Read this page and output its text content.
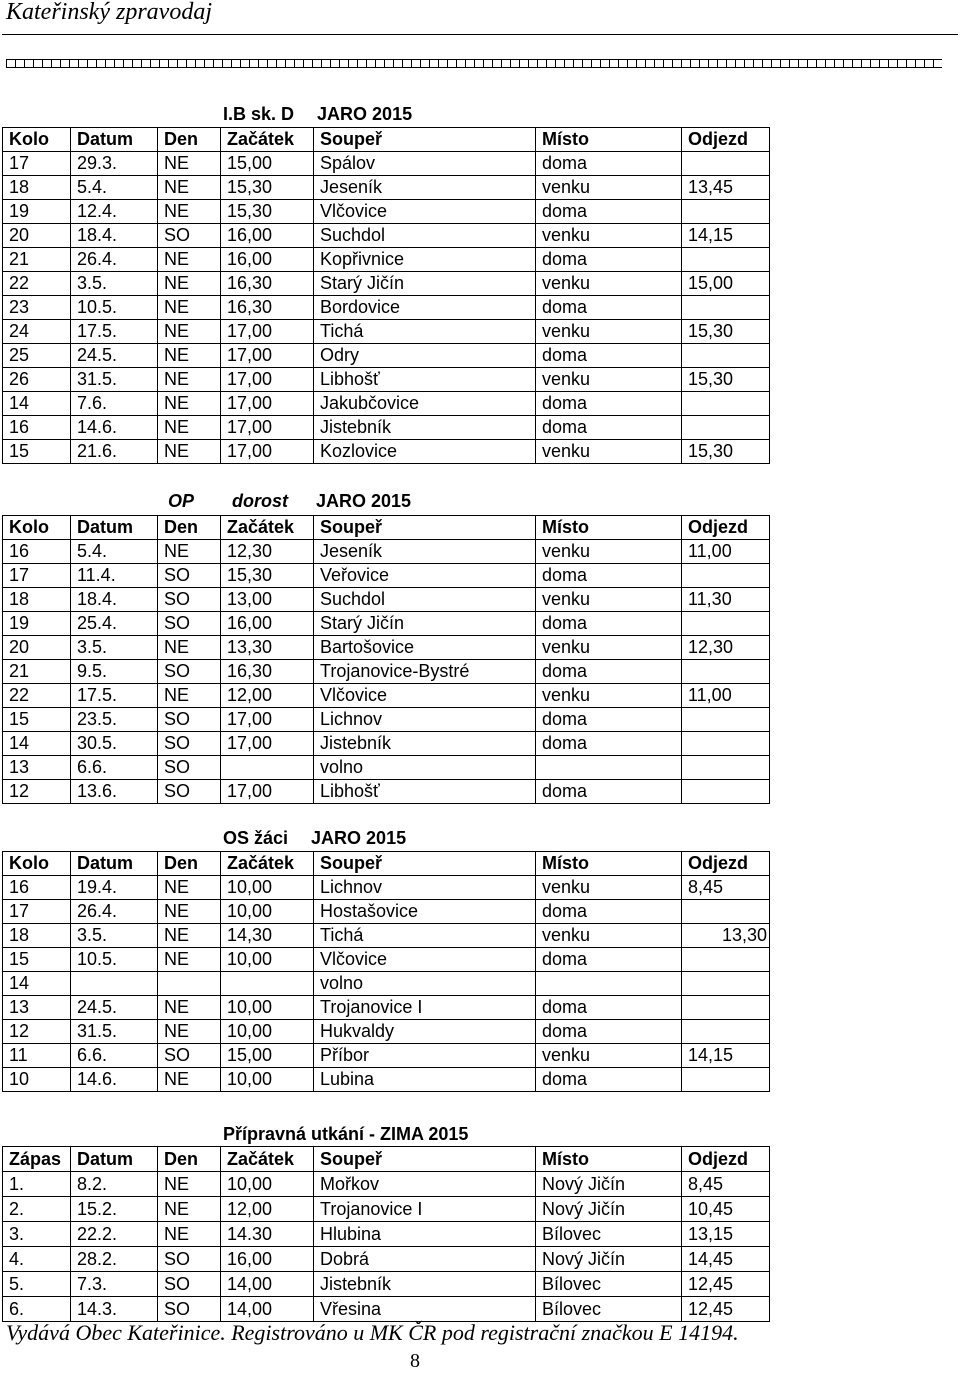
Kateřinský zpravodaj
I.B sk. D JARO 2015
Kolo	Datum	Den	Začátek	Soupeř	Místo	Odjezd
17	29.3.	NE	15,00	Spálov	doma	
18	5.4.	NE	15,30	Jeseník	venku	13,45
19	12.4.	NE	15,30	Vlčovice	doma	
20	18.4.	SO	16,00	Suchdol	venku	14,15
21	26.4.	NE	16,00	Kopřivnice	doma	
22	3.5.	NE	16,30	Starý Jičín	venku	15,00
23	10.5.	NE	16,30	Bordovice	doma	
24	17.5.	NE	17,00	Tichá	venku	15,30
25	24.5.	NE	17,00	Odry	doma	
26	31.5.	NE	17,00	Libhošť	venku	15,30
14	7.6.	NE	17,00	Jakubčovice	doma	
16	14.6.	NE	17,00	Jistebník	doma	
15	21.6.	NE	17,00	Kozlovice	venku	15,30
OP dorost JARO 2015
Kolo	Datum	Den	Začátek	Soupeř	Místo	Odjezd
16	5.4.	NE	12,30	Jeseník	venku	11,00
17	11.4.	SO	15,30	Veřovice	doma	
18	18.4.	SO	13,00	Suchdol	venku	11,30
19	25.4.	SO	16,00	Starý Jičín	doma	
20	3.5.	NE	13,30	Bartošovice	venku	12,30
21	9.5.	SO	16,30	Trojanovice-Bystré	doma	
22	17.5.	NE	12,00	Vlčovice	venku	11,00
15	23.5.	SO	17,00	Lichnov	doma	
14	30.5.	SO	17,00	Jistebník	doma	
13	6.6.	SO		volno		
12	13.6.	SO	17,00	Libhošť	doma	
OS žáci JARO 2015
Kolo	Datum	Den	Začátek	Soupeř	Místo	Odjezd
16	19.4.	NE	10,00	Lichnov	venku	8,45
17	26.4.	NE	10,00	Hostašovice	doma	
18	3.5.	NE	14,30	Tichá	venku	13,30
15	10.5.	NE	10,00	Vlčovice	doma	
14				volno		
13	24.5.	NE	10,00	Trojanovice I	doma	
12	31.5.	NE	10,00	Hukvaldy	doma	
11	6.6.	SO	15,00	Příbor	venku	14,15
10	14.6.	NE	10,00	Lubina	doma	
Přípravná utkání - ZIMA 2015
Zápas	Datum	Den	Začátek	Soupeř	Místo	Odjezd
1.	8.2.	NE	10,00	Mořkov	Nový Jičín	8,45
2.	15.2.	NE	12,00	Trojanovice I	Nový Jičín	10,45
3.	22.2.	NE	14.30	Hlubina	Bílovec	13,15
4.	28.2.	SO	16,00	Dobrá	Nový Jičín	14,45
5.	7.3.	SO	14,00	Jistebník	Bílovec	12,45
6.	14.3.	SO	14,00	Vřesina	Bílovec	12,45
Vydává Obec Kateřinice. Registrováno u MK ČR pod registrační značkou E 14194.
8
